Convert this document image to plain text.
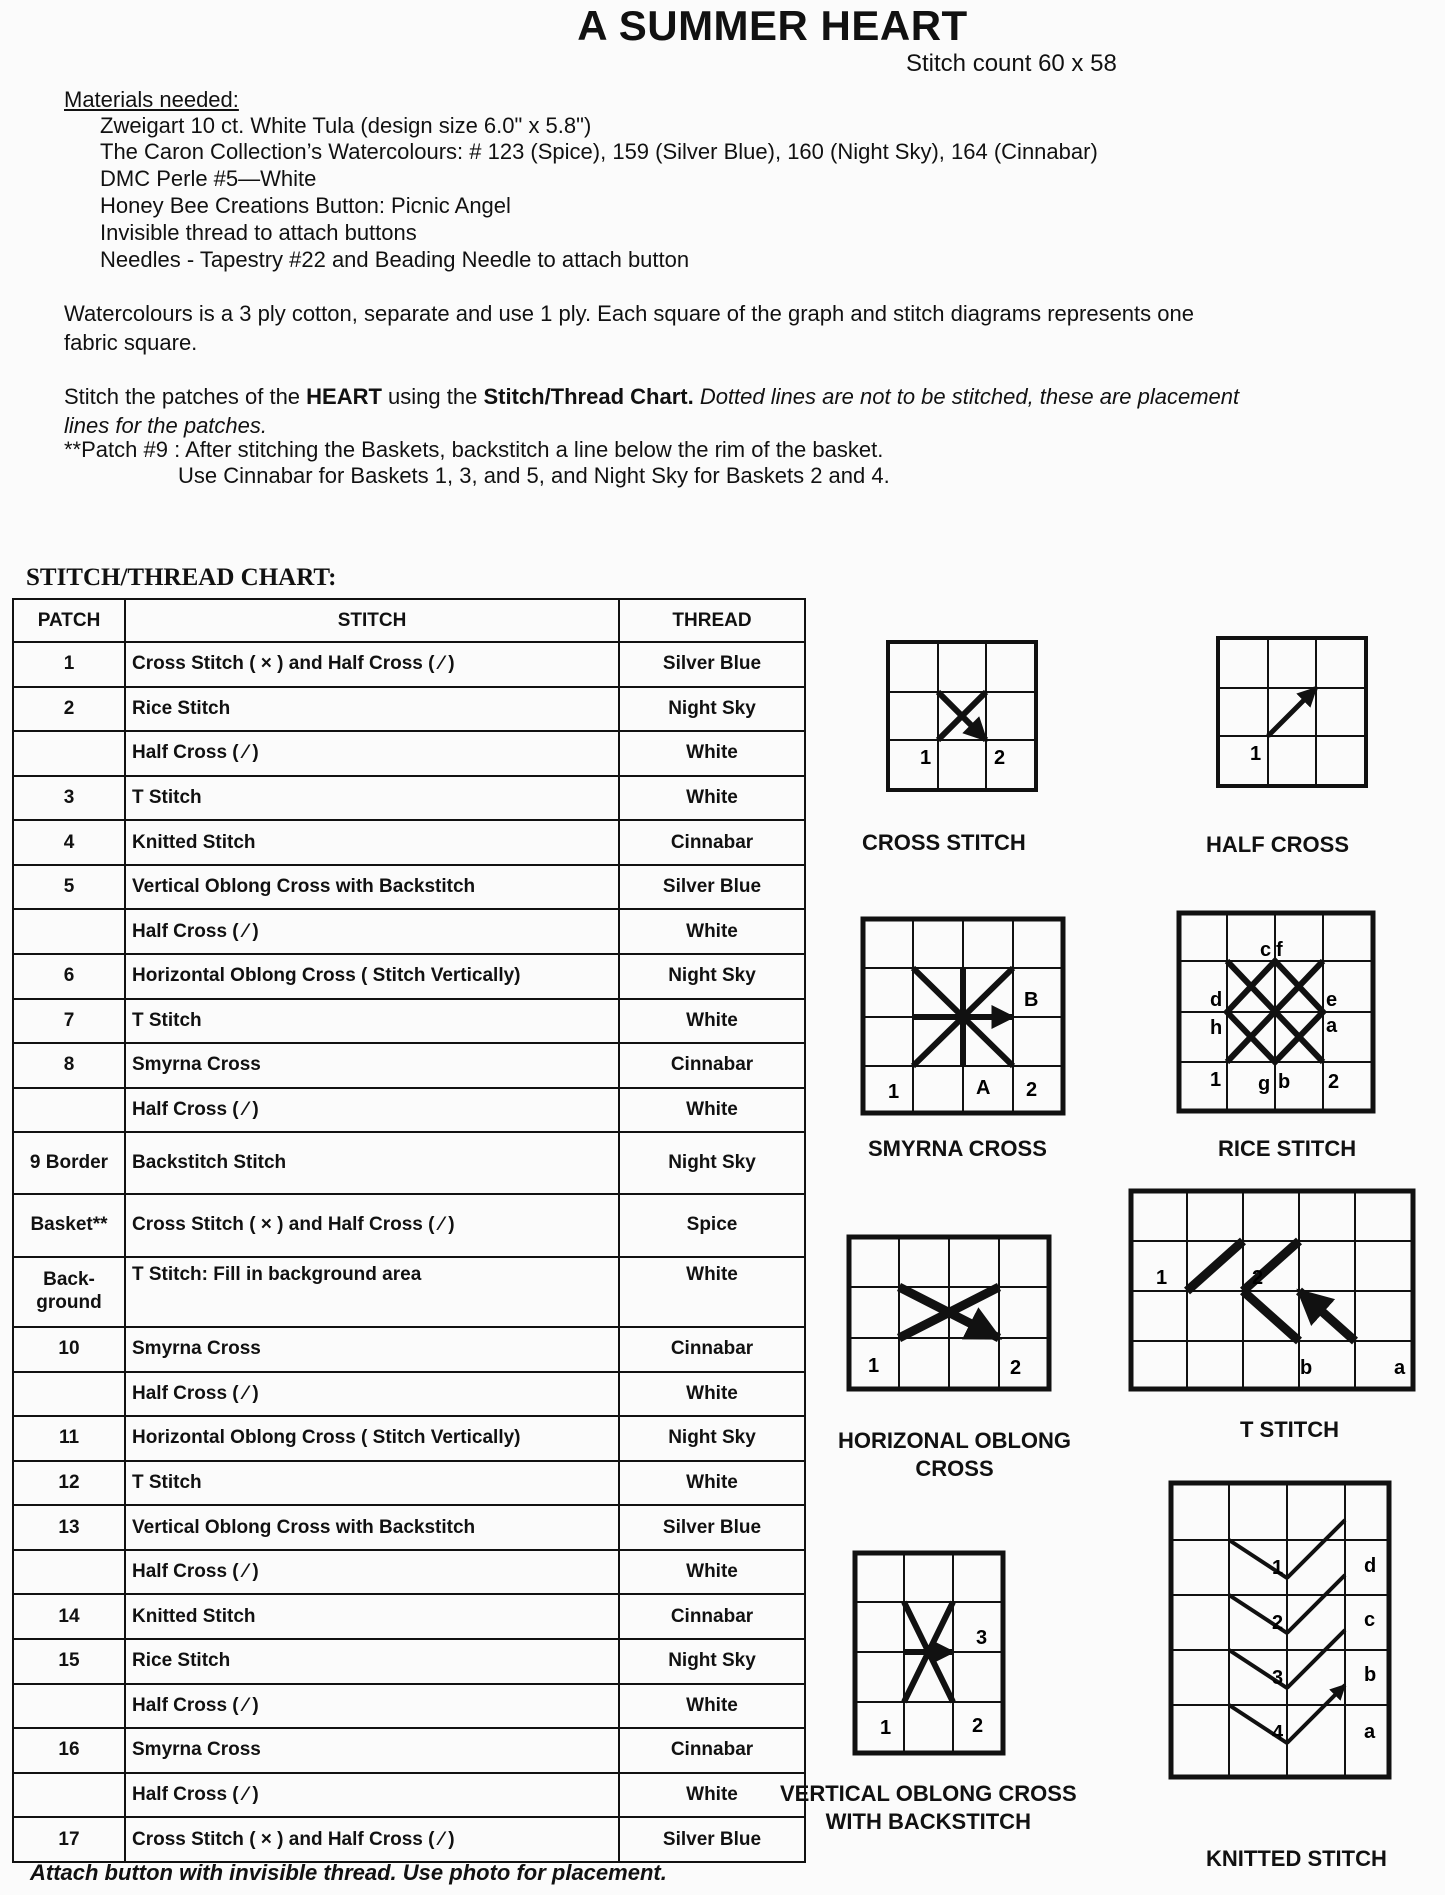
A SUMMER HEART
Stitch count 60 x 58
Materials needed:
Zweigart 10 ct. White Tula (design size 6.0" x 5.8")
The Caron Collection’s Watercolours: # 123 (Spice), 159 (Silver Blue), 160 (Night Sky), 164 (Cinnabar)
DMC Perle #5—White
Honey Bee Creations Button: Picnic Angel
Invisible thread to attach buttons
Needles - Tapestry #22 and Beading Needle to attach button
Watercolours is a 3 ply cotton, separate and use 1 ply. Each square of the graph and stitch diagrams represents one
fabric square.
Stitch the patches of the HEART using the Stitch/Thread Chart. Dotted lines are not to be stitched, these are placement
lines for the patches.
**Patch #9 : After stitching the Baskets, backstitch a line below the rim of the basket.
Use Cinnabar for Baskets 1, 3, and 5, and Night Sky for Baskets 2 and 4.
STITCH/THREAD CHART:
PATCH	STITCH	THREAD
1	Cross Stitch ( × ) and Half Cross ( ⁄ )	Silver Blue
2	Rice Stitch	Night Sky
	Half Cross ( ⁄ )	White
3	T Stitch	White
4	Knitted Stitch	Cinnabar
5	Vertical Oblong Cross with Backstitch	Silver Blue
	Half Cross ( ⁄ )	White
6	Horizontal Oblong Cross ( Stitch Vertically)	Night Sky
7	T Stitch	White
8	Smyrna Cross	Cinnabar
	Half Cross ( ⁄ )	White
9 Border	Backstitch Stitch	Night Sky
Basket**	Cross Stitch ( × ) and Half Cross ( ⁄ )	Spice
Back-ground	T Stitch: Fill in background area	White
10	Smyrna Cross	Cinnabar
	Half Cross ( ⁄ )	White
11	Horizontal Oblong Cross ( Stitch Vertically)	Night Sky
12	T Stitch	White
13	Vertical Oblong Cross with Backstitch	Silver Blue
	Half Cross ( ⁄ )	White
14	Knitted Stitch	Cinnabar
15	Rice Stitch	Night Sky
	Half Cross ( ⁄ )	White
16	Smyrna Cross	Cinnabar
	Half Cross ( ⁄ )	White
17	Cross Stitch ( × ) and Half Cross ( ⁄ )	Silver Blue
Attach button with invisible thread. Use photo for placement.
1	2
CROSS STITCH
1
HALF CROSS
1	A 2
B
SMYRNA CROSS
c f
d	e
h	a
1 g b 2
RICE STITCH
1	2
HORIZONAL OBLONG
CROSS
1	2
b	a
T STITCH
3
1	2
VERTICAL OBLONG CROSS
WITH BACKSTITCH
1
2
3
4
d
c
b
a
KNITTED STITCH
